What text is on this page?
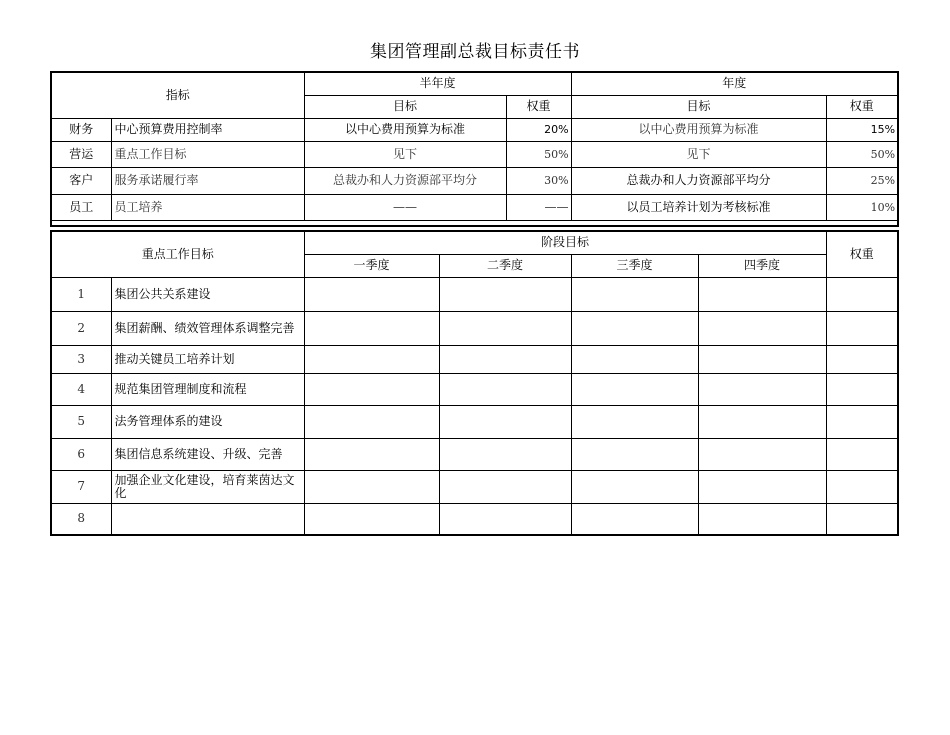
集团管理副总裁目标责任书
指标		半年度		年度	
		目标	权重	目标	权重
财务	中心预算费用控制率	以中心费用预算为标准	20%	以中心费用预算为标准	15%
营运	重点工作目标	见下	50%	见下	50%
客户	服务承诺履行率	总裁办和人力资源部平均分	30%	总裁办和人力资源部平均分	25%
员工	员工培养	——	——	以员工培养计划为考核标准	10%

重点工作目标		阶段目标				权重
		一季度	二季度	三季度	四季度	
1	集团公共关系建设					
2	集团薪酬、绩效管理体系调整完善					
3	推动关键员工培养计划					
4	规范集团管理制度和流程					
5	法务管理体系的建设					
6	集团信息系统建设、升级、完善					
7	加强企业文化建设，培育莱茵达文化					
8						
